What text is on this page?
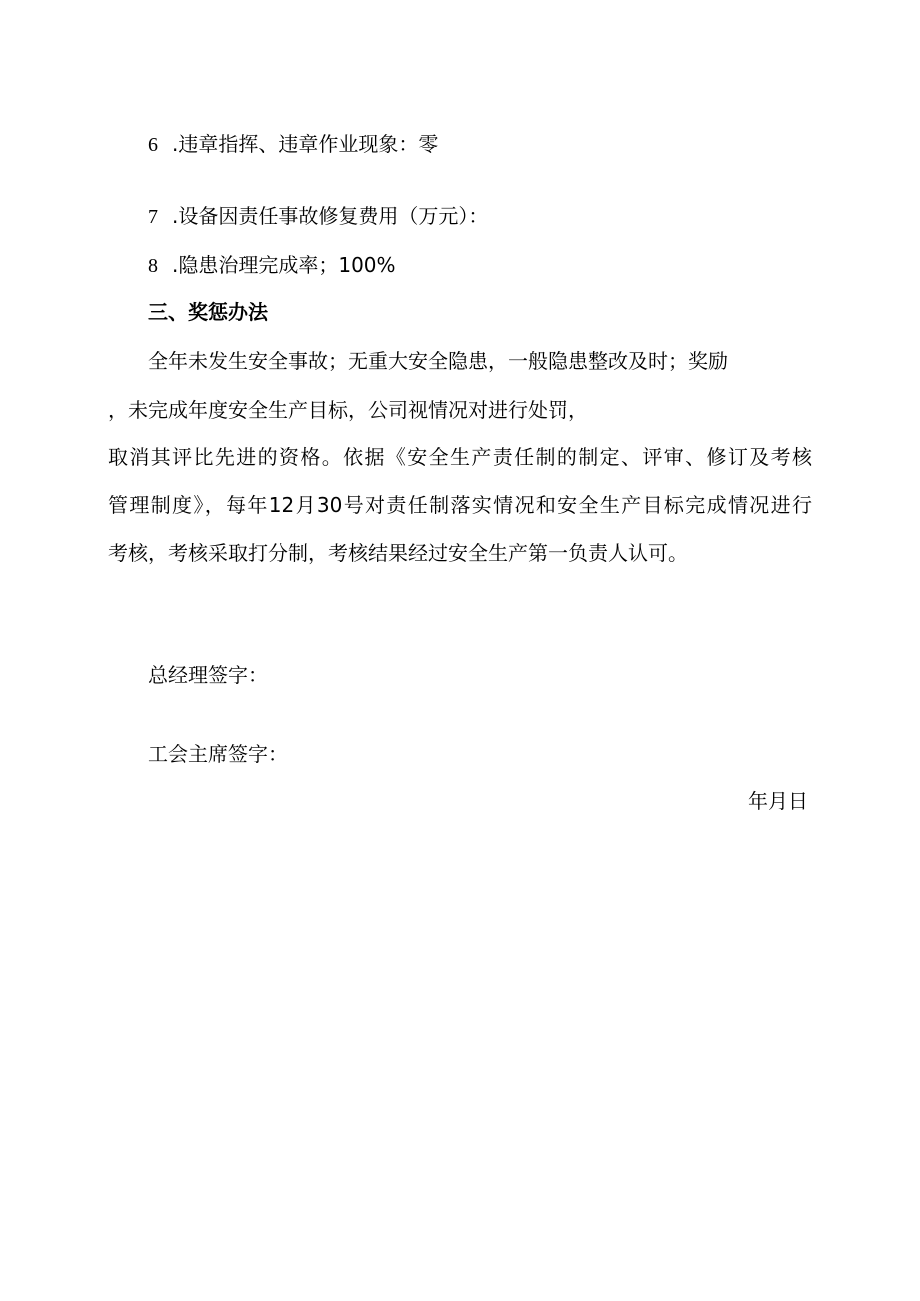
6 .违章指挥、违章作业现象：零

7 .设备因责任事故修复费用（万元）：

8 .隐患治理完成率；100%

三、奖惩办法

全年未发生安全事故；无重大安全隐患，一般隐患整改及时；奖励

，未完成年度安全生产目标，公司视情况对进行处罚，

取消其评比先进的资格。依据《安全生产责任制的制定、评审、修订及考核

管理制度》，每年12月30号对责任制落实情况和安全生产目标完成情况进行

考核，考核采取打分制，考核结果经过安全生产第一负责人认可。

总经理签字：

工会主席签字：

年月日
